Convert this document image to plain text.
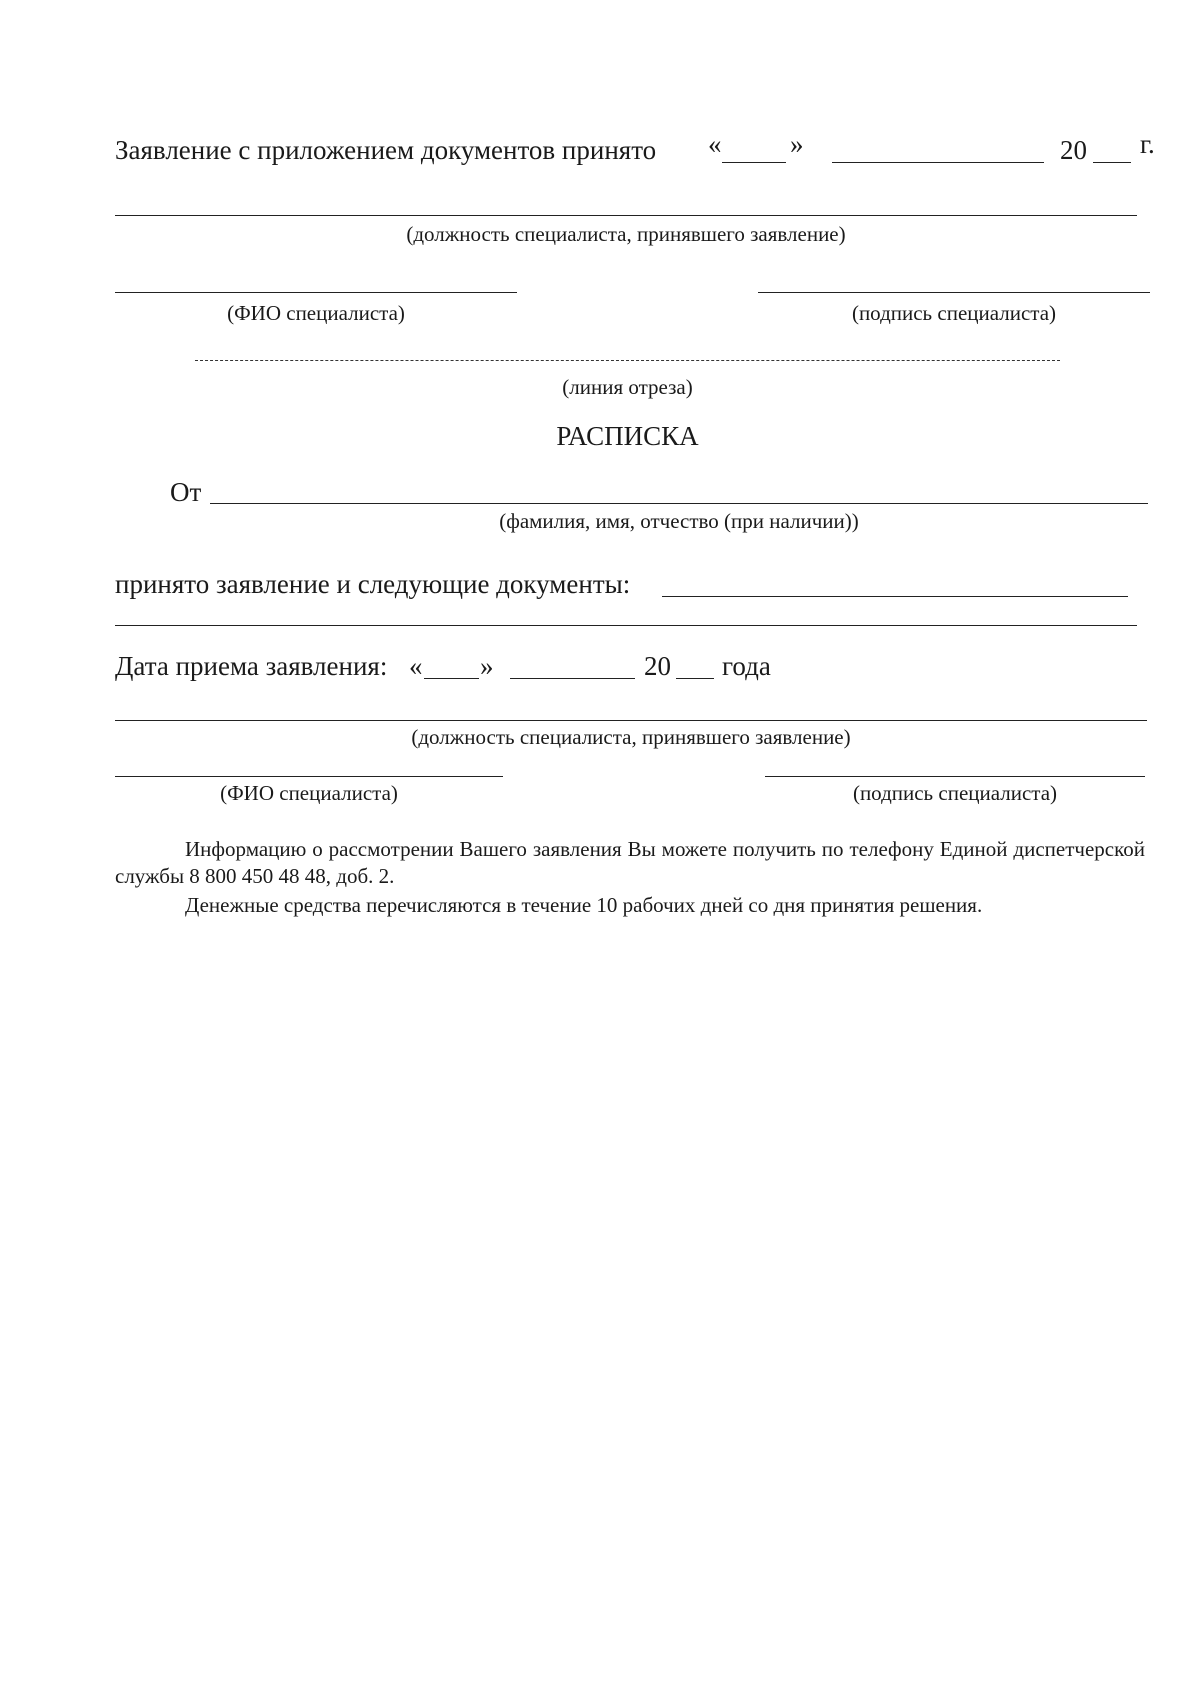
Заявление с приложением документов принято «	»	20 г.
(должность специалиста, принявшего заявление)
(ФИО специалиста)	(подпись специалиста)
(линия отреза)
РАСПИСКА
От
(фамилия, имя, отчество (при наличии))
принято заявление и следующие документы:
Дата приема заявления: « »	20 года
(должность специалиста, принявшего заявление)
(ФИО специалиста)	(подпись специалиста)
Информацию о рассмотрении Вашего заявления Вы можете получить по телефону Единой диспетчерской службы 8 800 450 48 48, доб. 2.
Денежные средства перечисляются в течение 10 рабочих дней со дня принятия решения.
